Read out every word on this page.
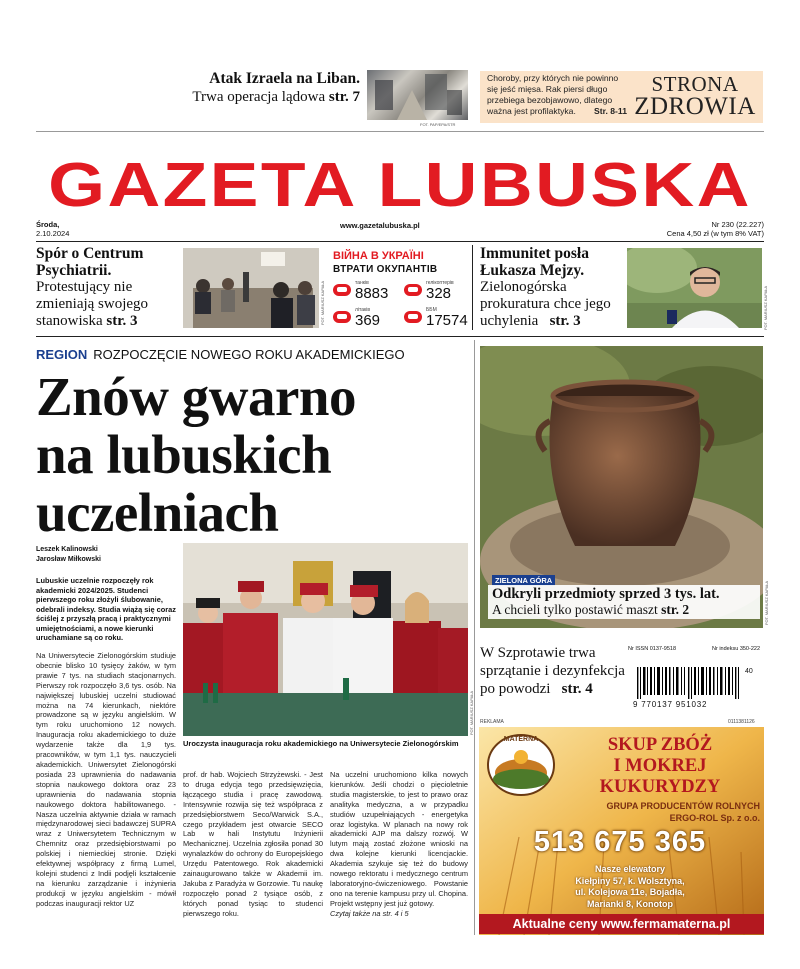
Atak Izraela na Liban.
Trwa operacja lądowa str. 7
FOT. PAP/EPA/STR
Choroby, przy których nie powinno się jeść mięsa. Rak piersi długo przebiega bezobjawowo, dlatego ważna jest profilaktyka. Str. 8-11
STRONA
ZDROWIA
GAZETA LUBUSKA
Środa,
2.10.2024
www.gazetalubuska.pl	Nr 230 (22.227)
Cena 4,50 zł (w tym 8% VAT)
Spór o Centrum
Psychiatrii.
Protestujący nie zmieniają swojego stanowiska str. 3	FOT. MARIUSZ KAPAŁA
ВІЙНА В УКРАЇНІ
ВТРАТИ ОКУПАНТІВ
танків
8883
гелікоптерів
328
літаків
369
ББМ
17574
Immunitet posła
Łukasza Mejzy.
Zielonogórska prokuratura chce jego uchylenia str. 3	FOT. MARIUSZ KAPAŁA
REGION ROZPOCZĘCIE NOWEGO ROKU AKADEMICKIEGO
Znów gwarno
na lubuskich
uczelniach
Leszek Kalinowski
Jarosław Miłkowski
Lubuskie uczelnie rozpoczęły rok akademicki 2024/2025. Studenci pierwszego roku złożyli ślubowanie, odebrali indeksy. Studia wiążą się coraz ściślej z przyszłą pracą i praktycznymi umiejętnościami, a nowe kierunki uruchamiane są co roku.
Na Uniwersytecie Zielonogórskim studiuje obecnie blisko 10 tysięcy żaków, w tym prawie 7 tys. na studiach stacjonarnych. Pierwszy rok rozpoczęło 3,6 tys. osób. Na największej lubuskiej uczelni studiować można na 74 kierunkach, niektóre prowadzone są w języku angielskim. W tym roku uruchomiono 12 nowych. Inauguracja roku akademickiego to duże wydarzenie także dla 1,9 tys. pracowników, w tym 1,1 tys. nauczycieli akademickich. Uniwersytet Zielonogórski posiada 23 uprawnienia do nadawania stopnia naukowego doktora oraz 23 uprawnienia do nadawania stopnia naukowego doktora habilitowanego. - Nasza uczelnia aktywnie działa w ramach międzynarodowej sieci badawczej SUPRA wraz z Uniwersytetem Technicznym w Chemnitz oraz przedsiębiorstwami po polskiej i niemieckiej stronie. Dzięki efektywnej współpracy z firmą Lumel, kolejni studenci z Indii podjęli kształcenie na kierunku zarządzanie i inżynieria produkcji w języku angielskim - mówił podczas inauguracji rektor UZ
FOT. MARIUSZ KAPAŁA
Uroczysta inauguracja roku akademickiego na Uniwersytecie Zielonogórskim
prof. dr hab. Wojciech Strzyżewski. - Jest to druga edycja tego przedsięwzięcia, łączącego studia i pracę zawodową. Intensywnie rozwija się też współpraca z przedsiębiorstwem Seco/Warwick S.A., czego przykładem jest otwarcie SECO Lab w hali Instytutu Inżynierii Mechanicznej. Uczelnia zgłosiła ponad 30 wynalazków do ochrony do Europejskiego Urzędu Patentowego. Rok akademicki zainaugurowano także w Akademii im. Jakuba z Paradyża w Gorzowie. Tu naukę rozpoczęło ponad 2 tysiące osób, z których ponad tysiąc to studenci pierwszego roku.
Na uczelni uruchomiono kilka nowych kierunków. Jeśli chodzi o pięcioletnie studia magisterskie, to jest to prawo oraz analityka medyczna, a w przypadku studiów uzupełniających - energetyka oraz logistyka. W planach na nowy rok akademicki AJP ma dalszy rozwój. W lutym mają zostać złożone wnioski na dwa kolejne kierunki licencjackie. Akademia szykuje się też do budowy nowego rektoratu i medycznego centrum laboratoryjno-ćwiczeniowego. Powstanie ono na terenie kampusu przy ul. Chopina. Projekt wstępny jest już gotowy.
Czytaj także na str. 4 i 5
FOT. MARIUSZ KAPAŁA
ZIELONA GÓRA
Odkryli przedmioty sprzed 3 tys. lat.
A chcieli tylko postawić maszt str. 2
W Szprotawie trwa sprzątanie i dezynfekcja po powodzi str. 4
Nr ISSN 0137-9518	Nr indeksu 350-222
40
9 770137 951032
REKLAMA	0111381126
MATERNA	SKUP ZBÓŻ
I MOKREJ
KUKURYDZY
GRUPA PRODUCENTÓW ROLNYCH
ERGO-ROL Sp. z o.o.
513 675 365
Nasze elewatory
Kiełpiny 57, k. Wolsztyna,
ul. Kolejowa 11e, Bojadła,
Marianki 8, Konotop
Aktualne ceny www.fermamaterna.pl
